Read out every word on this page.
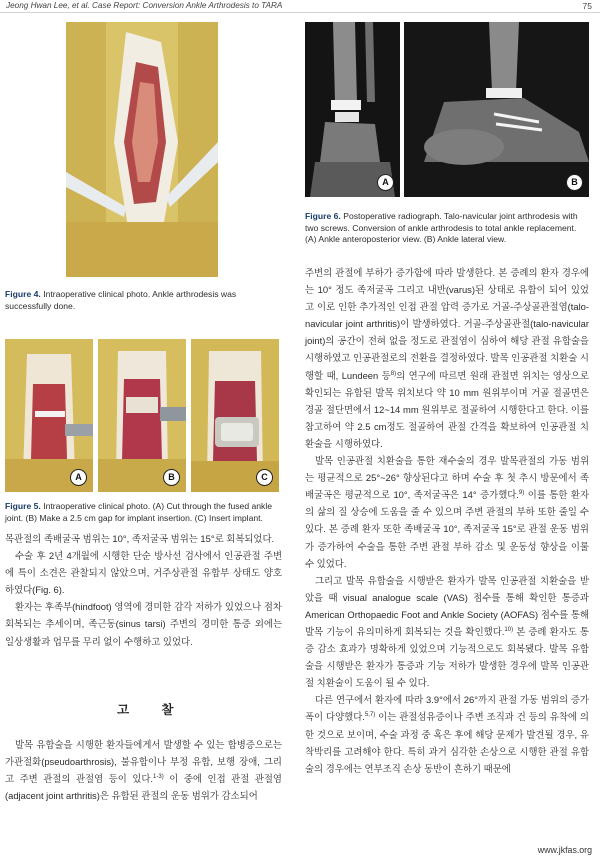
Jeong Hwan Lee, et al. Case Report: Conversion Ankle Arthrodesis to TARA	75
Figure 4. Intraoperative clinical photo. Ankle arthrodesis was successfully done.
A	B	C
Figure 5. Intraoperative clinical photo. (A) Cut through the fused ankle joint. (B) Make a 2.5 cm gap for implant insertion. (C) Insert implant.

목관절의 족배굴곡 범위는 10°, 족저굴곡 범위는 15°로 회복되었다.

수술 후 2년 4개월에 시행한 단순 방사선 검사에서 인공관절 주변에 특이 소견은 관찰되지 않았으며, 거주상관절 유합부 상태도 양호하였다(Fig. 6).

환자는 후족부(hindfoot) 영역에 경미한 감각 저하가 있었으나 점차 회복되는 추세이며, 족근동(sinus tarsi) 주변의 경미한 통증 외에는 일상생활과 업무를 무리 없이 수행하고 있었다.

고 찰

발목 유합술을 시행한 환자들에게서 발생할 수 있는 합병증으로는 가관절화(pseudoarthrosis), 불유합이나 부정 유합, 보행 장애, 그리고 주변 관절의 관절염 등이 있다.$^{1-3)}$ 이 중에 인접 관절 관절염(adjacent joint arthritis)은 유합된 관절의 운동 범위가 감소되어

A	B
Figure 6. Postoperative radiograph. Talo-navicular joint arthrodesis with two screws. Conversion of ankle arthrodesis to total ankle replacement. (A) Ankle anteroposterior view. (B) Ankle lateral view.

주변의 관절에 부하가 증가함에 따라 발생한다. 본 증례의 환자 경우에는 10° 정도 족저굴곡 그리고 내반(varus)된 상태로 유합이 되어 있었고 이로 인한 추가적인 인접 관절 압력 증가로 거골-주상골관절염(talo-navicular joint arthritis)이 발생하였다. 거골-주상골관절(talo-navicular joint)의 공간이 전혀 없을 정도로 관절염이 심하여 해당 관절 유합술을 시행하였고 인공관절로의 전환을 결정하였다. 발목 인공관절 치환술 시행할 때, Lundeen 등$^{8)}$의 연구에 따르면 원래 관절면 위치는 영상으로 확인되는 유합된 발목 위치보다 약 10 mm 원위부이며 거골 절골면은 경골 절단면에서 12~14 mm 원위부로 절골하여 시행한다고 한다. 이를 참고하여 약 2.5 cm정도 절골하여 관절 간격을 확보하여 인공관절 치환술을 시행하였다.

발목 인공관절 치환술을 통한 재수술의 경우 발목관절의 가동 범위는 평균적으로 25°~26° 향상된다고 하며 수술 후 첫 추시 방문에서 족배굴곡은 평균적으로 10°, 족저굴곡은 14° 증가했다.$^{9)}$ 이를 통한 환자의 삶의 질 상승에 도움을 줄 수 있으며 주변 관절의 부하 또한 줄일 수 있다. 본 증례 환자 또한 족배굴곡 10°, 족저굴곡 15°로 관절 운동 범위가 증가하여 수술을 통한 주변 관절 부하 감소 및 운동성 향상을 이룰 수 있었다.

그리고 발목 유합술을 시행받은 환자가 발목 인공관절 치환술을 받았을 때 visual analogue scale (VAS) 점수를 통해 확인한 통증과 American Orthopaedic Foot and Ankle Society (AOFAS) 점수를 통해 발목 기능이 유의미하게 회복되는 것을 확인했다.$^{10)}$ 본 증례 환자도 통증 감소 효과가 명확하게 있었으며 기능적으로도 회복됐다. 발목 유합술을 시행받은 환자가 통증과 기능 저하가 발생한 경우에 발목 인공관절 치환술이 도움이 될 수 있다.

다른 연구에서 환자에 따라 3.9°에서 26°까지 관절 가동 범위의 증가폭이 다양했다.$^{5,7)}$ 이는 관절섬유증이나 주변 조직과 건 등의 유착에 의한 것으로 보이며, 수술 과정 중 혹은 후에 해당 문제가 발견될 경우, 유착박리를 고려해야 한다. 특히 과거 심각한 손상으로 시행한 관절 유합술의 경우에는 연부조직 손상 동반이 흔하기 때문에

www.jkfas.org
